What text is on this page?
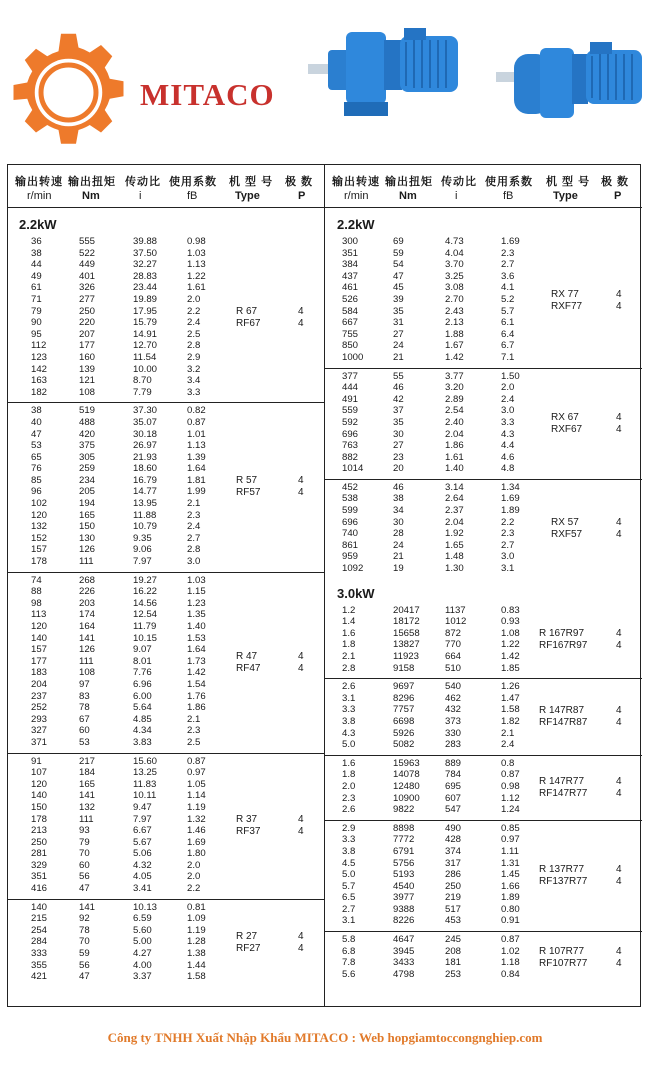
MITACO
输出转速 输出扭矩 传动比 使用系数 机 型 号 极 数
r/min	Nm	i	fB	Type	P
2.2kW
36	555	39.88	0.98
38	522	37.50	1.03
44	449	32.27	1.13
49	401	28.83	1.22
61	326	23.44	1.61
71	277	19.89	2.0
79	250	17.95	2.2
90	220	15.79	2.4
95	207	14.91	2.5
112	177	12.70	2.8
123	160	11.54	2.9
142	139	10.00	3.2
163	121	8.70	3.4
182	108	7.79	3.3
R 67	4
RF67	4
38	519	37.30	0.82
40	488	35.07	0.87
47	420	30.18	1.01
53	375	26.97	1.13
65	305	21.93	1.39
76	259	18.60	1.64
85	234	16.79	1.81
96	205	14.77	1.99
102	194	13.95	2.1
120	165	11.88	2.3
132	150	10.79	2.4
152	130	9.35	2.7
157	126	9.06	2.8
178	111	7.97	3.0
R 57	4
RF57	4
74	268	19.27	1.03
88	226	16.22	1.15
98	203	14.56	1.23
113	174	12.54	1.35
120	164	11.79	1.40
140	141	10.15	1.53
157	126	9.07	1.64
177	111	8.01	1.73
183	108	7.76	1.42
204	97	6.96	1.54
237	83	6.00	1.76
252	78	5.64	1.86
293	67	4.85	2.1
327	60	4.34	2.3
371	53	3.83	2.5
R 47	4
RF47	4
91	217	15.60	0.87
107	184	13.25	0.97
120	165	11.83	1.05
140	141	10.11	1.14
150	132	9.47	1.19
178	111	7.97	1.32
213	93	6.67	1.46
250	79	5.67	1.69
281	70	5.06	1.80
329	60	4.32	2.0
351	56	4.05	2.0
416	47	3.41	2.2
R 37	4
RF37	4
140	141	10.13	0.81
215	92	6.59	1.09
254	78	5.60	1.19
284	70	5.00	1.28
333	59	4.27	1.38
355	56	4.00	1.44
421	47	3.37	1.58
R 27	4
RF27	4
输出转速 输出扭矩 传动比 使用系数 机 型 号 极 数
r/min	Nm	i	fB	Type	P
2.2kW
300	69	4.73	1.69
351	59	4.04	2.3
384	54	3.70	2.7
437	47	3.25	3.6
461	45	3.08	4.1
526	39	2.70	5.2
584	35	2.43	5.7
667	31	2.13	6.1
755	27	1.88	6.4
850	24	1.67	6.7
1000	21	1.42	7.1
RX 77	4
RXF77	4
377	55	3.77	1.50
444	46	3.20	2.0
491	42	2.89	2.4
559	37	2.54	3.0
592	35	2.40	3.3
696	30	2.04	4.3
763	27	1.86	4.4
882	23	1.61	4.6
1014	20	1.40	4.8
RX 67	4
RXF67	4
452	46	3.14	1.34
538	38	2.64	1.69
599	34	2.37	1.89
696	30	2.04	2.2
740	28	1.92	2.3
861	24	1.65	2.7
959	21	1.48	3.0
1092	19	1.30	3.1
RX 57	4
RXF57	4
3.0kW
1.2	20417	1137	0.83
1.4	18172	1012	0.93
1.6	15658	872	1.08
1.8	13827	770	1.22
2.1	11923	664	1.42
2.8	9158	510	1.85
R 167R97	4
RF167R97	4
2.6	9697	540	1.26
3.1	8296	462	1.47
3.3	7757	432	1.58
3.8	6698	373	1.82
4.3	5926	330	2.1
5.0	5082	283	2.4
R 147R87	4
RF147R87	4
1.6	15963	889	0.8
1.8	14078	784	0.87
2.0	12480	695	0.98
2.3	10900	607	1.12
2.6	9822	547	1.24
R 147R77	4
RF147R77	4
2.9	8898	490	0.85
3.3	7772	428	0.97
3.8	6791	374	1.11
4.5	5756	317	1.31
5.0	5193	286	1.45
5.7	4540	250	1.66
6.5	3977	219	1.89
2.7	9388	517	0.80
3.1	8226	453	0.91
R 137R77	4
RF137R77	4
5.8	4647	245	0.87
6.8	3945	208	1.02
7.8	3433	181	1.18
5.6	4798	253	0.84
R 107R77	4
RF107R77	4
Công ty TNHH Xuất Nhập Khẩu MITACO : Web hopgiamtoccongnghiep.com
